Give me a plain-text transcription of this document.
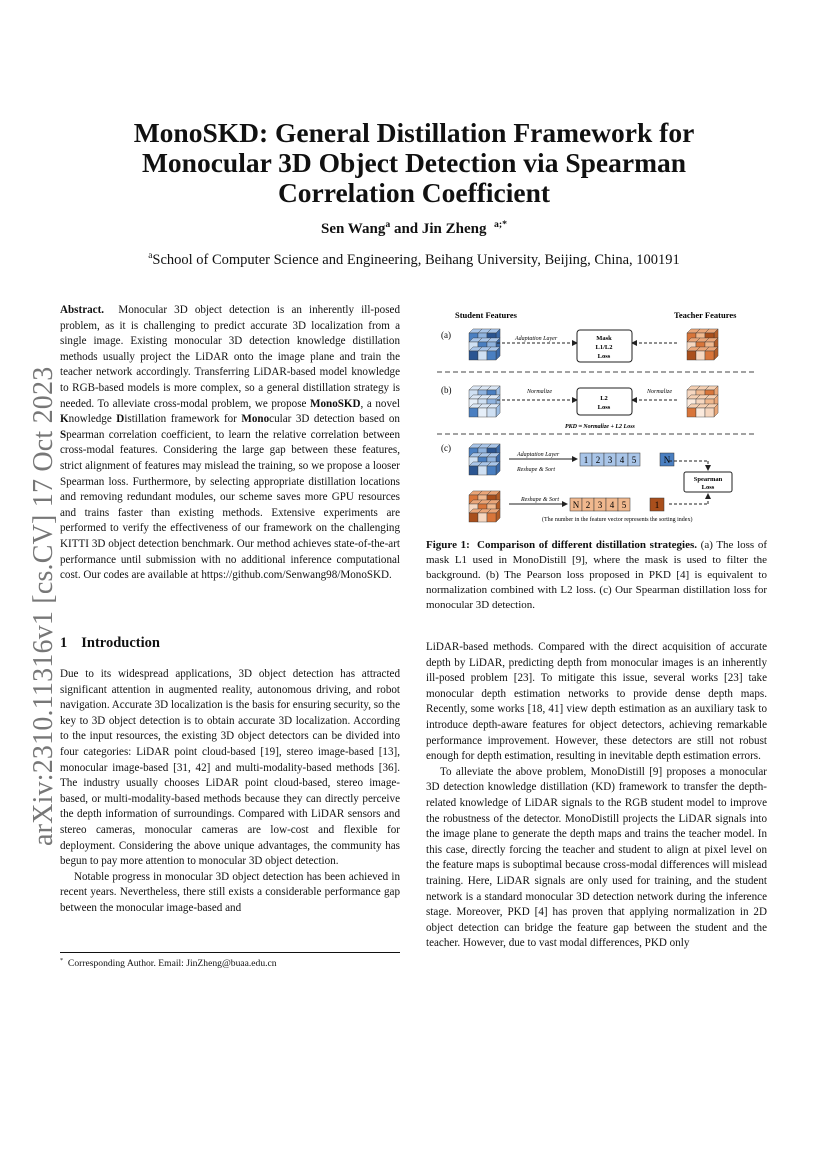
MonoSKD: General Distillation Framework for
Monocular 3D Object Detection via Spearman
Correlation Coefficient
Sen Wang$^a$ and Jin Zheng $^{a;*}$
$^a$School of Computer Science and Engineering, Beihang University, Beijing, China, 100191
arXiv:2310.11316v1 [cs.CV] 17 Oct 2023

Abstract. Monocular 3D object detection is an inherently ill-posed problem, as it is challenging to predict accurate 3D localization from a single image. Existing monocular 3D detection knowledge distillation methods usually project the LiDAR onto the image plane and train the teacher network accordingly. Transferring LiDAR-based model knowledge to RGB-based models is more complex, so a general distillation strategy is needed. To alleviate cross-modal problem, we propose MonoSKD, a novel Knowledge Distillation framework for Monocular 3D detection based on Spearman correlation coefficient, to learn the relative correlation between cross-modal features. Considering the large gap between these features, strict alignment of features may mislead the training, so we propose a looser Spearman loss. Furthermore, by selecting appropriate distillation locations and removing redundant modules, our scheme saves more GPU resources and trains faster than existing methods. Extensive experiments are performed to verify the effectiveness of our framework on the challenging KITTI 3D object detection benchmark. Our method achieves state-of-the-art performance until submission with no additional inference computational cost. Our codes are available at https://github.com/Senwang98/MonoSKD.

1 Introduction

Due to its widespread applications, 3D object detection has attracted significant attention in augmented reality, autonomous driving, and robot navigation. Accurate 3D localization is the basis for ensuring security, so the key to 3D object detection is to obtain accurate 3D localization. According to the input resources, the existing 3D object detectors can be divided into four categories: LiDAR point cloud-based [19], stereo image-based [13], monocular image-based [31, 42] and multi-modality-based methods [36]. The industry usually chooses LiDAR point cloud-based, stereo image-based, or multi-modality-based methods because they can directly perceive the depth information of surroundings. Compared with LiDAR sensors and stereo cameras, monocular cameras are low-cost and flexible for deployment. Considering the above unique advantages, the community has begun to pay more attention to monocular 3D object detection.

Notable progress in monocular 3D object detection has been achieved in recent years. Nevertheless, there still exists a considerable performance gap between the monocular image-based and

* Corresponding Author. Email: JinZheng@buaa.edu.cn
Student Features	Teacher Features
(a)
(b)
(c)
Adaptation Layer	Mask
L1/L2
Loss
Normalize	Normalize
L2
Loss
PKD ≈ Normalize + L2 Loss
Adaptation Layer
Reshape & Sort
Reshape & Sort
1 2 3 4 5	N
N 2 3 4 5	1
Spearman
Loss
(The number in the feature vector represents the sorting index)

Figure 1: Comparison of different distillation strategies. (a) The loss of mask L1 used in MonoDistill [9], where the mask is used to filter the background. (b) The Pearson loss proposed in PKD [4] is equivalent to normalization combined with L2 loss. (c) Our Spearman distillation loss for monocular 3D detection.

LiDAR-based methods. Compared with the direct acquisition of accurate depth by LiDAR, predicting depth from monocular images is an inherently ill-posed problem [23]. To mitigate this issue, several works [23] take monocular depth estimation networks to provide dense depth maps. Recently, some works [18, 41] view depth estimation as an auxiliary task to introduce depth-aware features for object detectors, achieving remarkable performance improvement. However, these detectors are still not robust enough for depth estimation, resulting in inevitable depth estimation errors.

To alleviate the above problem, MonoDistill [9] proposes a monocular 3D detection knowledge distillation (KD) framework to transfer the depth-related knowledge of LiDAR signals to the RGB student model to improve the robustness of the detector. MonoDistill projects the LiDAR signals into the image plane to generate the depth maps and trains the teacher model. In this case, directly forcing the teacher and student to align at pixel level on the feature maps is suboptimal because cross-modal differences will mislead training. Here, LiDAR signals are only used for training, and the student network is a standard monocular 3D detection network during the inference stage. Moreover, PKD [4] has proven that applying normalization in 2D object detection can bridge the feature gap between the student and the teacher. However, due to vast modal differences, PKD only
